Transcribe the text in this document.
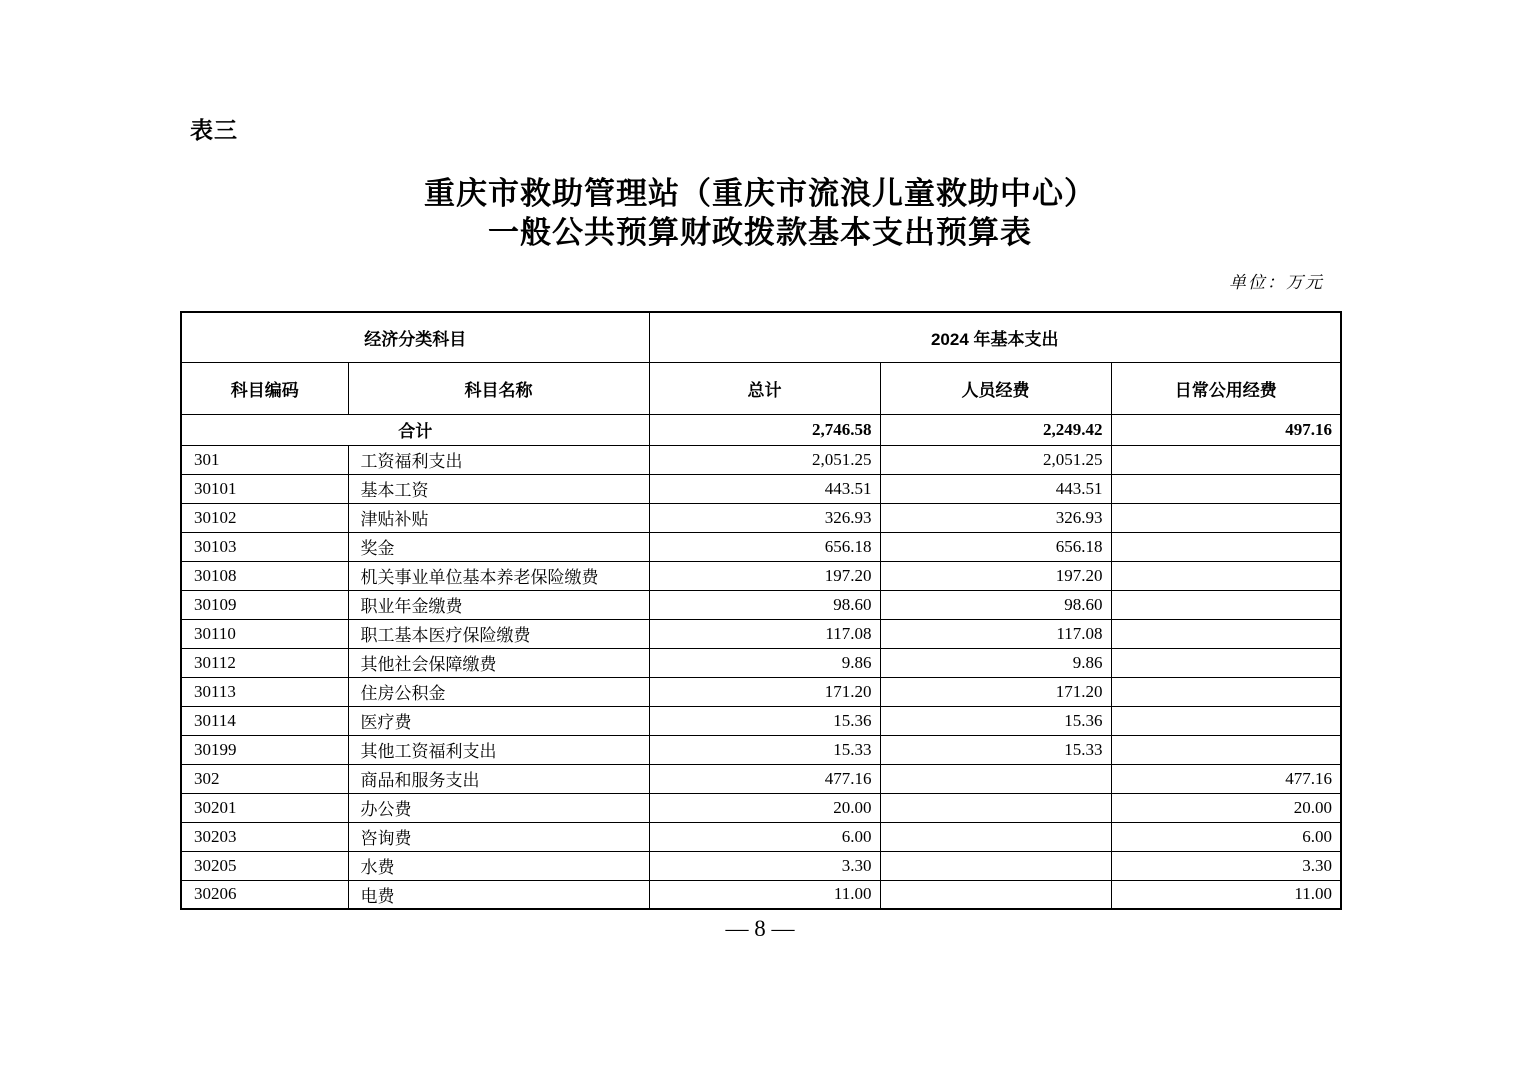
表三
重庆市救助管理站（重庆市流浪儿童救助中心）
一般公共预算财政拨款基本支出预算表
单位：万元
经济分类科目		2024 年基本支出		
科目编码	科目名称	总计	人员经费	日常公用经费
合计		2,746.58	2,249.42	497.16
301	工资福利支出	2,051.25	2,051.25	
30101	基本工资	443.51	443.51	
30102	津贴补贴	326.93	326.93	
30103	奖金	656.18	656.18	
30108	机关事业单位基本养老保险缴费	197.20	197.20	
30109	职业年金缴费	98.60	98.60	
30110	职工基本医疗保险缴费	117.08	117.08	
30112	其他社会保障缴费	9.86	9.86	
30113	住房公积金	171.20	171.20	
30114	医疗费	15.36	15.36	
30199	其他工资福利支出	15.33	15.33	
302	商品和服务支出	477.16		477.16
30201	办公费	20.00		20.00
30203	咨询费	6.00		6.00
30205	水费	3.30		3.30
30206	电费	11.00		11.00
— 8 —
